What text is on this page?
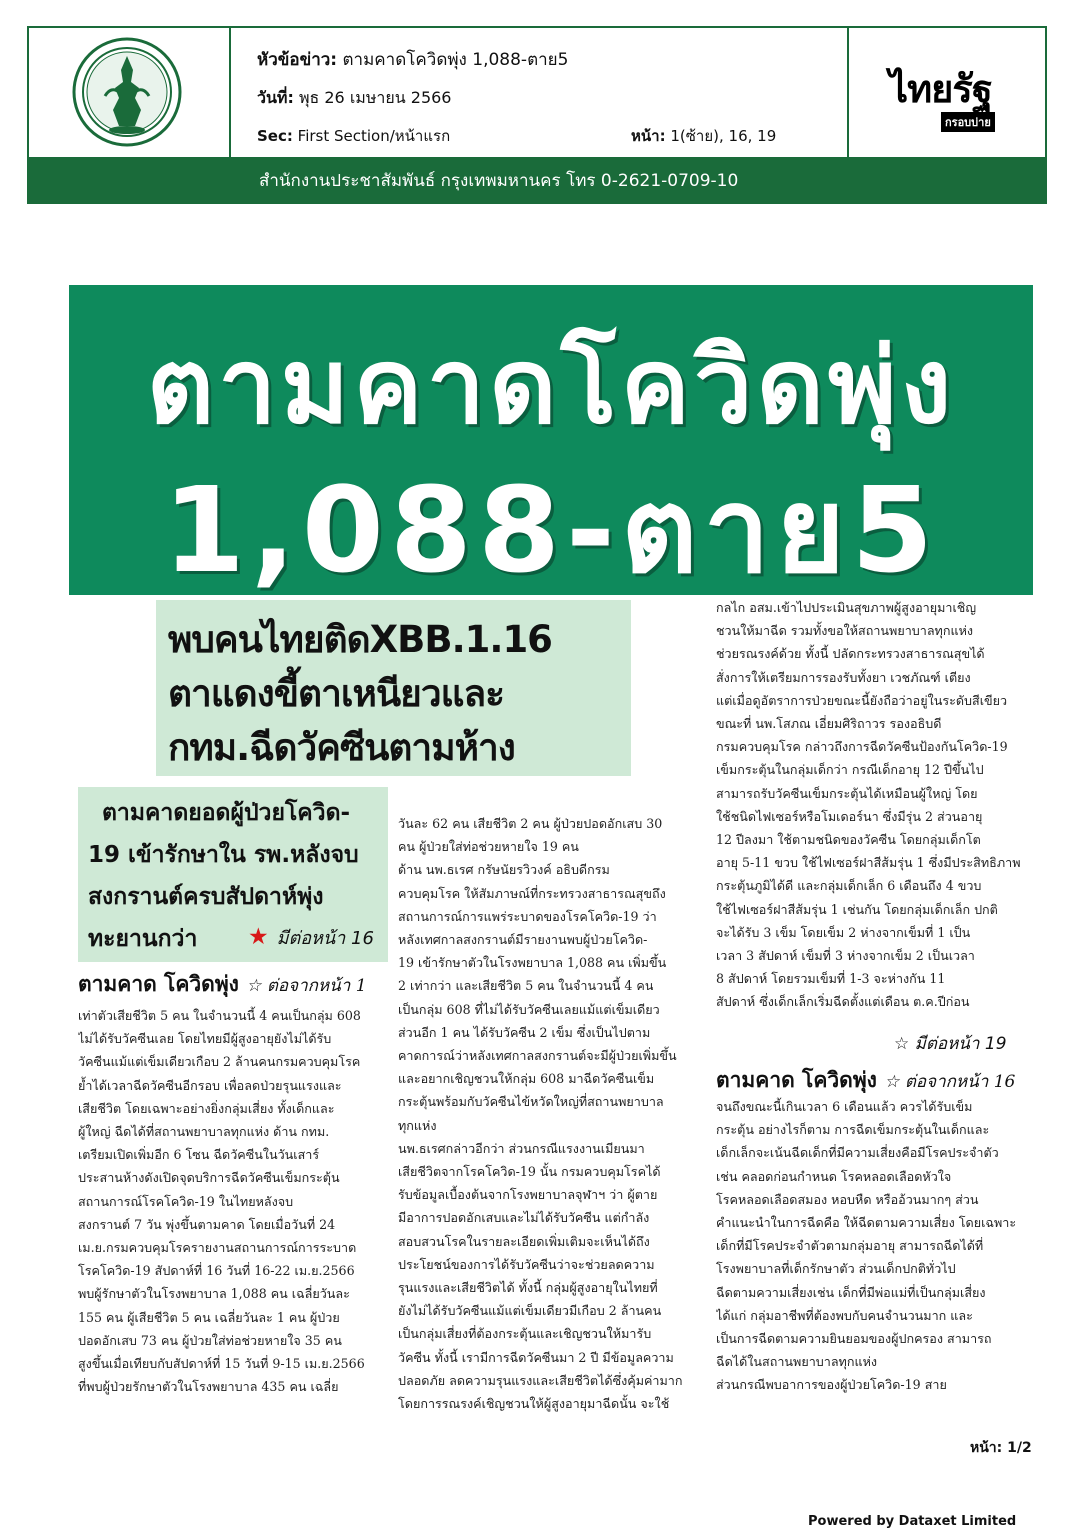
หัวข้อข่าว: ตามคาดโควิดพุ่ง 1,088-ตาย5
วันที่: พุธ 26 เมษายน 2566
Sec: First Section/หน้าแรก	หน้า: 1(ซ้าย), 16, 19
ไทยรัฐ
กรอบบ่าย
สำนักงานประชาสัมพันธ์ กรุงเทพมหานคร โทร 0-2621-0709-10
ตามคาดโควิดพุ่ง
1,088-ตาย5
พบคนไทยติดXBB.1.16
ตาแดงขี้ตาเหนียวและ
กทม.ฉีดวัคซีนตามห้าง
ตามคาดยอดผู้ป่วยโควิด-
19 เข้ารักษาใน รพ.หลังจบ
สงกรานต์ครบสัปดาห์พุ่ง
ทะยานกว่า ★ มีต่อหน้า 16
ตามคาด โควิดพุ่ง ☆ ต่อจากหน้า 1
เท่าตัวเสียชีวิต 5 คน ในจำนวนนี้ 4 คนเป็นกลุ่ม 608
ไม่ได้รับวัคซีนเลย โดยไทยมีผู้สูงอายุยังไม่ได้รับ
วัคซีนแม้แต่เข็มเดียวเกือบ 2 ล้านคนกรมควบคุมโรค
ย้ำได้เวลาฉีดวัคซีนอีกรอบ เพื่อลดป่วยรุนแรงและ
เสียชีวิต โดยเฉพาะอย่างยิ่งกลุ่มเสี่ยง ทั้งเด็กและ
ผู้ใหญ่ ฉีดได้ที่สถานพยาบาลทุกแห่ง ด้าน กทม.
เตรียมเปิดเพิ่มอีก 6 โซน ฉีดวัคซีนในวันเสาร์
ประสานห้างดังเปิดจุดบริการฉีดวัคซีนเข็มกระตุ้น
สถานการณ์โรคโควิด-19 ในไทยหลังจบ
สงกรานต์ 7 วัน พุ่งขึ้นตามคาด โดยเมื่อวันที่ 24
เม.ย.กรมควบคุมโรครายงานสถานการณ์การระบาด
โรคโควิด-19 สัปดาห์ที่ 16 วันที่ 16-22 เม.ย.2566
พบผู้รักษาตัวในโรงพยาบาล 1,088 คน เฉลี่ยวันละ
155 คน ผู้เสียชีวิต 5 คน เฉลี่ยวันละ 1 คน ผู้ป่วย
ปอดอักเสบ 73 คน ผู้ป่วยใส่ท่อช่วยหายใจ 35 คน
สูงขึ้นเมื่อเทียบกับสัปดาห์ที่ 15 วันที่ 9-15 เม.ย.2566
ที่พบผู้ป่วยรักษาตัวในโรงพยาบาล 435 คน เฉลี่ย
วันละ 62 คน เสียชีวิต 2 คน ผู้ป่วยปอดอักเสบ 30
คน ผู้ป่วยใส่ท่อช่วยหายใจ 19 คน
ด้าน นพ.ธเรศ กรัษนัยรวิวงค์ อธิบดีกรม
ควบคุมโรค ให้สัมภาษณ์ที่กระทรวงสาธารณสุขถึง
สถานการณ์การแพร่ระบาดของโรคโควิด-19 ว่า
หลังเทศกาลสงกรานต์มีรายงานพบผู้ป่วยโควิด-
19 เข้ารักษาตัวในโรงพยาบาล 1,088 คน เพิ่มขึ้น
2 เท่ากว่า และเสียชีวิต 5 คน ในจำนวนนี้ 4 คน
เป็นกลุ่ม 608 ที่ไม่ได้รับวัคซีนเลยแม้แต่เข็มเดียว
ส่วนอีก 1 คน ได้รับวัคซีน 2 เข็ม ซึ่งเป็นไปตาม
คาดการณ์ว่าหลังเทศกาลสงกรานต์จะมีผู้ป่วยเพิ่มขึ้น
และอยากเชิญชวนให้กลุ่ม 608 มาฉีดวัคซีนเข็ม
กระตุ้นพร้อมกับวัคซีนไข้หวัดใหญ่ที่สถานพยาบาล
ทุกแห่ง
นพ.ธเรศกล่าวอีกว่า ส่วนกรณีแรงงานเมียนมา
เสียชีวิตจากโรคโควิด-19 นั้น กรมควบคุมโรคได้
รับข้อมูลเบื้องต้นจากโรงพยาบาลจุฬาฯ ว่า ผู้ตาย
มีอาการปอดอักเสบและไม่ได้รับวัคซีน แต่กำลัง
สอบสวนโรคในรายละเอียดเพิ่มเติมจะเห็นได้ถึง
ประโยชน์ของการได้รับวัคซีนว่าจะช่วยลดความ
รุนแรงและเสียชีวิตได้ ทั้งนี้ กลุ่มผู้สูงอายุในไทยที่
ยังไม่ได้รับวัคซีนแม้แต่เข็มเดียวมีเกือบ 2 ล้านคน
เป็นกลุ่มเสี่ยงที่ต้องกระตุ้นและเชิญชวนให้มารับ
วัคซีน ทั้งนี้ เรามีการฉีดวัคซีนมา 2 ปี มีข้อมูลความ
ปลอดภัย ลดความรุนแรงและเสียชีวิตได้ซึ่งคุ้มค่ามาก
โดยการรณรงค์เชิญชวนให้ผู้สูงอายุมาฉีดนั้น จะใช้
กลไก อสม.เข้าไปประเมินสุขภาพผู้สูงอายุมาเชิญ
ชวนให้มาฉีด รวมทั้งขอให้สถานพยาบาลทุกแห่ง
ช่วยรณรงค์ด้วย ทั้งนี้ ปลัดกระทรวงสาธารณสุขได้
สั่งการให้เตรียมการรองรับทั้งยา เวชภัณฑ์ เตียง
แต่เมื่อดูอัตราการป่วยขณะนี้ยังถือว่าอยู่ในระดับสีเขียว
ขณะที่ นพ.โสภณ เอี่ยมศิริถาวร รองอธิบดี
กรมควบคุมโรค กล่าวถึงการฉีดวัคซีนป้องกันโควิด-19
เข็มกระตุ้นในกลุ่มเด็กว่า กรณีเด็กอายุ 12 ปีขึ้นไป
สามารถรับวัคซีนเข็มกระตุ้นได้เหมือนผู้ใหญ่ โดย
ใช้ชนิดไฟเซอร์หรือโมเดอร์นา ซึ่งมีรุ่น 2 ส่วนอายุ
12 ปีลงมา ใช้ตามชนิดของวัคซีน โดยกลุ่มเด็กโต
อายุ 5-11 ขวบ ใช้ไฟเซอร์ฝาสีส้มรุ่น 1 ซึ่งมีประสิทธิภาพ
กระตุ้นภูมิได้ดี และกลุ่มเด็กเล็ก 6 เดือนถึง 4 ขวบ
ใช้ไฟเซอร์ฝาสีส้มรุ่น 1 เช่นกัน โดยกลุ่มเด็กเล็ก ปกติ
จะได้รับ 3 เข็ม โดยเข็ม 2 ห่างจากเข็มที่ 1 เป็น
เวลา 3 สัปดาห์ เข็มที่ 3 ห่างจากเข็ม 2 เป็นเวลา
8 สัปดาห์ โดยรวมเข็มที่ 1-3 จะห่างกัน 11
สัปดาห์ ซึ่งเด็กเล็กเริ่มฉีดตั้งแต่เดือน ต.ค.ปีก่อน
☆ มีต่อหน้า 19
ตามคาด โควิดพุ่ง ☆ ต่อจากหน้า 16
จนถึงขณะนี้เกินเวลา 6 เดือนแล้ว ควรได้รับเข็ม
กระตุ้น อย่างไรก็ตาม การฉีดเข็มกระตุ้นในเด็กและ
เด็กเล็กจะเน้นฉีดเด็กที่มีความเสี่ยงคือมีโรคประจำตัว
เช่น คลอดก่อนกำหนด โรคหลอดเลือดหัวใจ
โรคหลอดเลือดสมอง หอบหืด หรืออ้วนมากๆ ส่วน
คำแนะนำในการฉีดคือ ให้ฉีดตามความเสี่ยง โดยเฉพาะ
เด็กที่มีโรคประจำตัวตามกลุ่มอายุ สามารถฉีดได้ที่
โรงพยาบาลที่เด็กรักษาตัว ส่วนเด็กปกติทั่วไป
ฉีดตามความเสี่ยงเช่น เด็กที่มีพ่อแม่ที่เป็นกลุ่มเสี่ยง
ได้แก่ กลุ่มอาชีพที่ต้องพบกับคนจำนวนมาก และ
เป็นการฉีดตามความยินยอมของผู้ปกครอง สามารถ
ฉีดได้ในสถานพยาบาลทุกแห่ง
ส่วนกรณีพบอาการของผู้ป่วยโควิด-19 สาย
หน้า: 1/2
Powered by Dataxet Limited
